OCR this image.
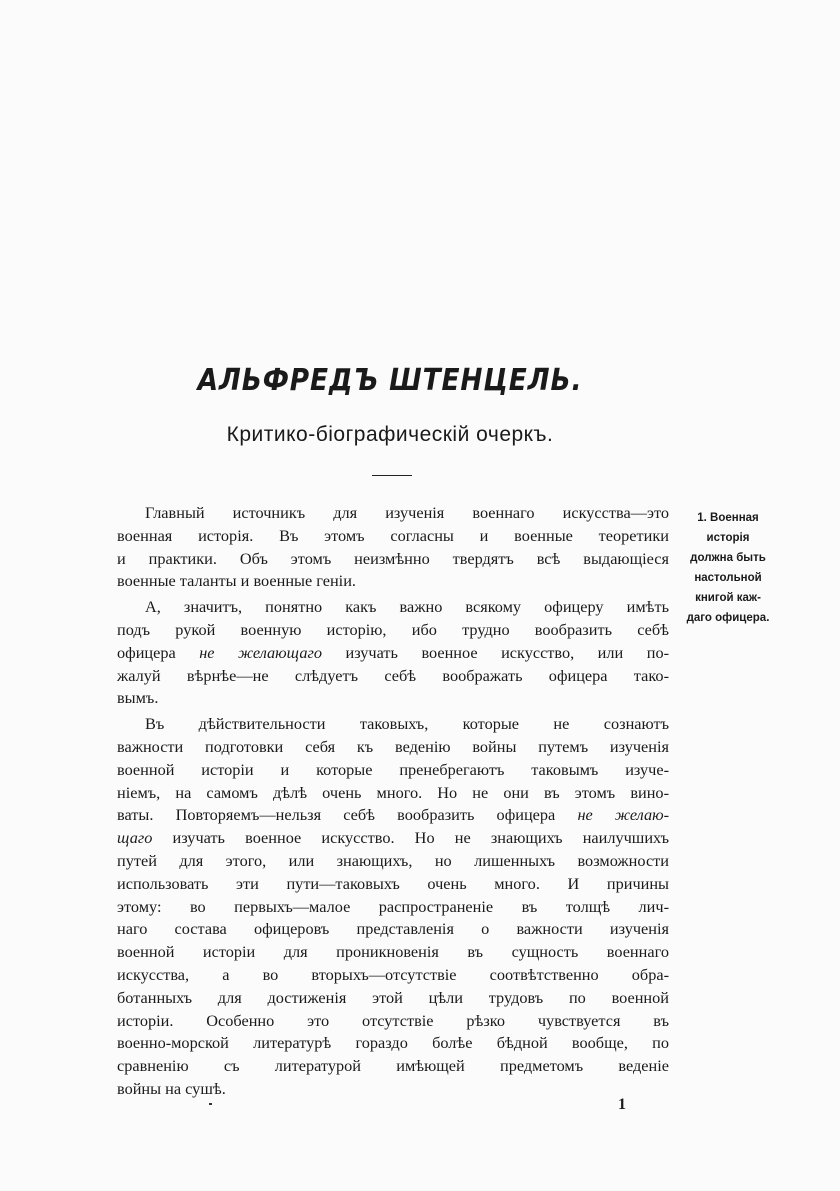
АЛЬФРЕДЪ ШТЕНЦЕЛЬ.
Критико-біографическій очеркъ.

Главный источникъ для изученія военнаго искусства—это
военная исторія. Въ этомъ согласны и военные теоретики
и практики. Объ этомъ неизмѣнно твердятъ всѣ выдающіеся
военные таланты и военные геніи.

А, значитъ, понятно какъ важно всякому офицеру имѣть
подъ рукой военную исторію, ибо трудно вообразить себѣ
офицера не желающаго изучать военное искусство, или по-
жалуй вѣрнѣе—не слѣдуетъ себѣ воображать офицера тако-
вымъ.

Въ дѣйствительности таковыхъ, которые не сознаютъ
важности подготовки себя къ веденію войны путемъ изученія
военной исторіи и которые пренебрегаютъ таковымъ изуче-
ніемъ, на самомъ дѣлѣ очень много. Но не они въ этомъ вино-
ваты. Повторяемъ—нельзя себѣ вообразить офицера не желаю-
щаго изучать военное искусство. Но не знающихъ наилучшихъ
путей для этого, или знающихъ, но лишенныхъ возможности
использовать эти пути—таковыхъ очень много. И причины
этому: во первыхъ—малое распространеніе въ толщѣ лич-
наго состава офицеровъ представленія о важности изученія
военной исторіи для проникновенія въ сущность военнаго
искусства, а во вторыхъ—отсутствіе соотвѣтственно обра-
ботанныхъ для достиженія этой цѣли трудовъ по военной
исторіи. Особенно это отсутствіе рѣзко чувствуется въ
военно-морской литературѣ гораздо болѣе бѣдной вообще, по
сравненію съ литературой имѣющей предметомъ веденіе
войны на сушѣ.

1. Военная
исторія
должна быть
настольной
книгой каж-
даго офицера.
1
